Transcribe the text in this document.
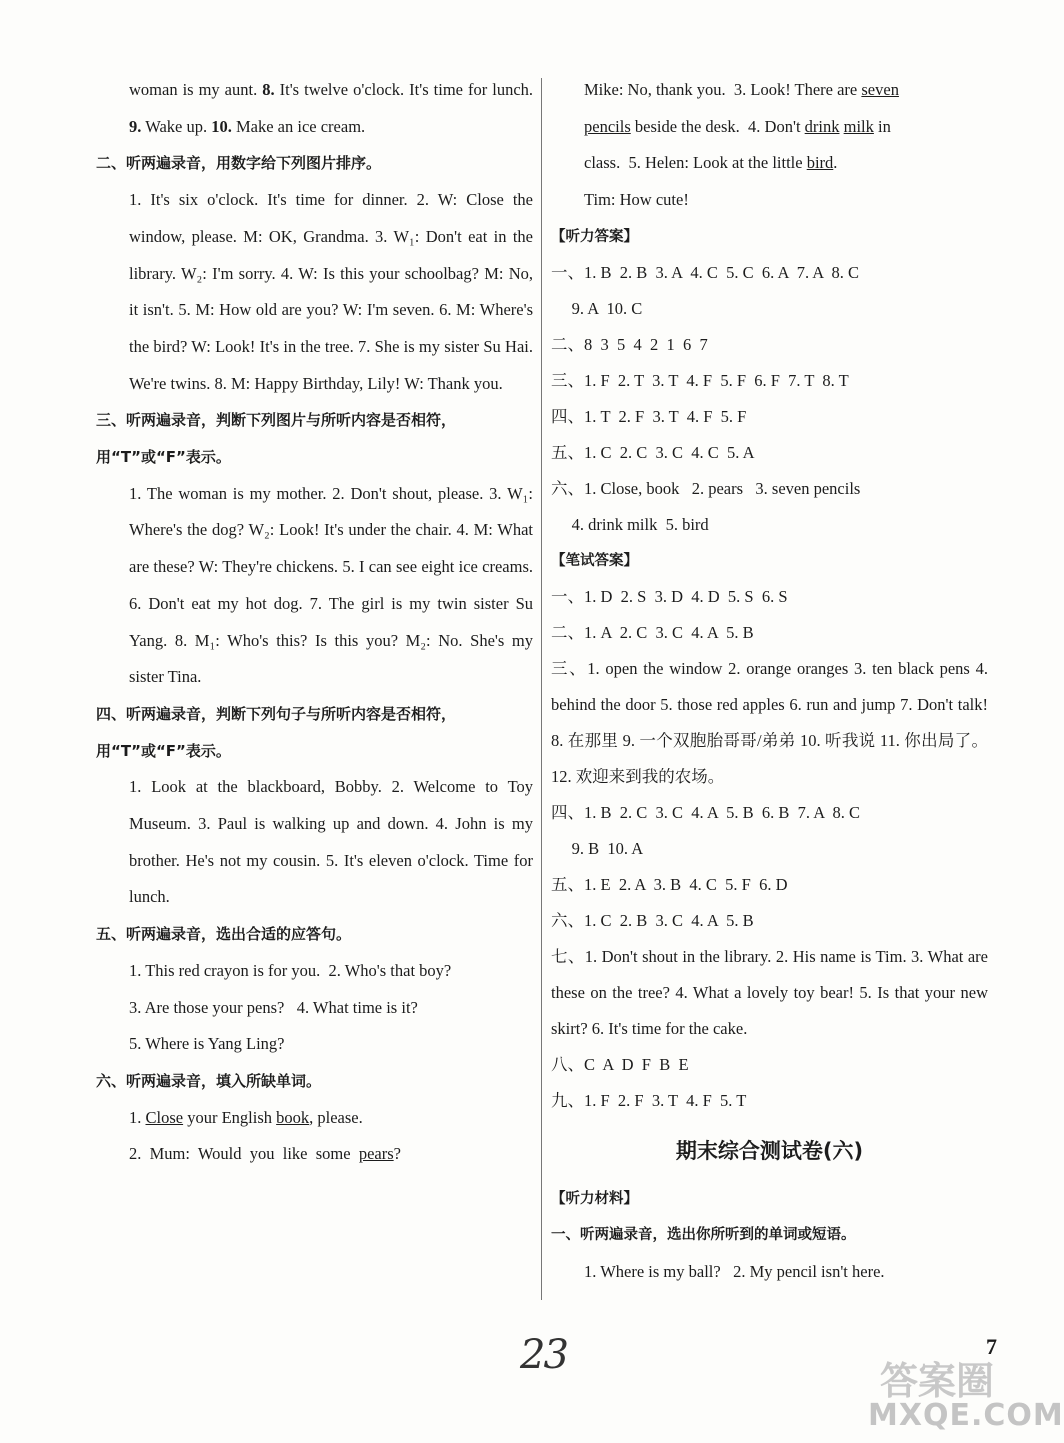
woman is my aunt. 8. It's twelve o'clock. It's time for lunch. 9. Wake up. 10. Make an ice cream.

二、听两遍录音，用数字给下列图片排序。

1. It's six o'clock. It's time for dinner. 2. W: Close the window, please. M: OK, Grandma. 3. W₁: Don't eat in the library. W₂: I'm sorry. 4. W: Is this your schoolbag? M: No, it isn't. 5. M: How old are you? W: I'm seven. 6. M: Where's the bird? W: Look! It's in the tree. 7. She is my sister Su Hai. We're twins. 8. M: Happy Birthday, Lily! W: Thank you.

三、听两遍录音，判断下列图片与所听内容是否相符，用“T”或“F”表示。

1. The woman is my mother. 2. Don't shout, please. 3. W₁: Where's the dog? W₂: Look! It's under the chair. 4. M: What are these? W: They're chickens. 5. I can see eight ice creams. 6. Don't eat my hot dog. 7. The girl is my twin sister Su Yang. 8. M₁: Who's this? Is this you? M₂: No. She's my sister Tina.

四、听两遍录音，判断下列句子与所听内容是否相符，用“T”或“F”表示。

1. Look at the blackboard, Bobby. 2. Welcome to Toy Museum. 3. Paul is walking up and down. 4. John is my brother. He's not my cousin. 5. It's eleven o'clock. Time for lunch.

五、听两遍录音，选出合适的应答句。

1. This red crayon is for you.  2. Who's that boy?

3. Are those your pens?   4. What time is it?

5. Where is Yang Ling?

六、听两遍录音，填入所缺单词。

1. Close your English book, please.

2.  Mum:  Would  you  like  some  pears?

Mike: No, thank you.  3. Look! There are seven

pencils beside the desk.  4. Don't drink milk in

class.  5. Helen: Look at the little bird.

Tim: How cute!

【听力答案】

一、1. B  2. B  3. A  4. C  5. C  6. A  7. A  8. C

9. A  10. C

二、8  3  5  4  2  1  6  7

三、1. F  2. T  3. T  4. F  5. F  6. F  7. T  8. T

四、1. T  2. F  3. T  4. F  5. F

五、1. C  2. C  3. C  4. C  5. A

六、1. Close, book   2. pears   3. seven pencils

4. drink milk  5. bird

【笔试答案】

一、1. D  2. S  3. D  4. D  5. S  6. S

二、1. A  2. C  3. C  4. A  5. B

三、1. open the window 2. orange oranges 3. ten black pens 4. behind the door 5. those red apples 6. run and jump 7. Don't talk! 8. 在那里 9. 一个双胞胎哥哥/弟弟 10. 听我说 11. 你出局了。 12. 欢迎来到我的农场。

四、1. B  2. C  3. C  4. A  5. B  6. B  7. A  8. C

9. B  10. A

五、1. E  2. A  3. B  4. C  5. F  6. D

六、1. C  2. B  3. C  4. A  5. B

七、1. Don't shout in the library. 2. His name is Tim. 3. What are these on the tree? 4. What a lovely toy bear! 5. Is that your new skirt? 6. It's time for the cake.

八、C  A  D  F  B  E

九、1. F  2. F  3. T  4. F  5. T

期末综合测试卷(六)

【听力材料】

一、听两遍录音，选出你所听到的单词或短语。

1. Where is my ball?   2. My pencil isn't here.

23	7
答案圈
MXQE.COM
